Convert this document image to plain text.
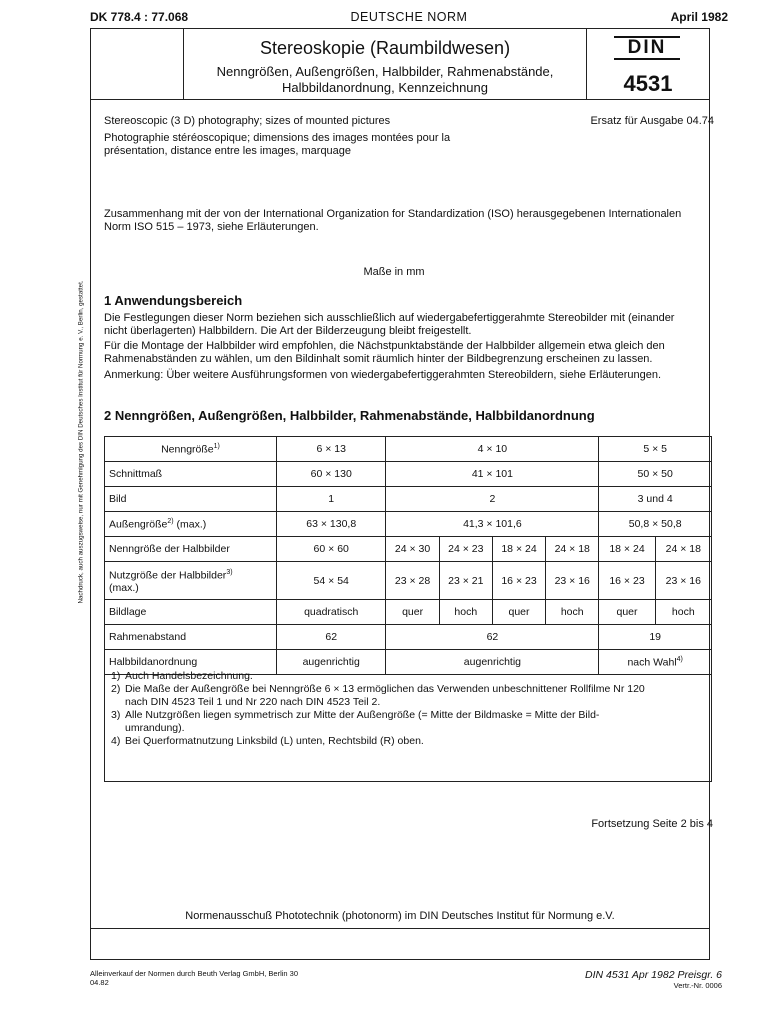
DK 778.4 : 77.068	DEUTSCHE NORM	April 1982
Stereoskopie (Raumbildwesen)
Nenngrößen, Außengrößen, Halbbilder, Rahmenabstände,
Halbbildanordnung, Kennzeichnung
DIN
4531
Stereoscopic (3 D) photography; sizes of mounted pictures
Photographie stéréoscopique; dimensions des images montées pour la
présentation, distance entre les images, marquage
Ersatz für Ausgabe 04.74
Zusammenhang mit der von der International Organization for Standardization (ISO) herausgegebenen Internationalen
Norm ISO 515 – 1973, siehe Erläuterungen.
Maße in mm
Nachdruck, auch auszugsweise, nur mit Genehmigung des DIN Deutsches Institut für Normung e. V., Berlin, gestattet. 1 Anwendungsbereich
Die Festlegungen dieser Norm beziehen sich ausschließlich auf wiedergabefertiggerahmte Stereobilder mit (einander
nicht überlagerten) Halbbildern. Die Art der Bilderzeugung bleibt freigestellt.
Für die Montage der Halbbilder wird empfohlen, die Nächstpunktabstände der Halbbilder allgemein etwa gleich den
Rahmenabständen zu wählen, um den Bildinhalt somit räumlich hinter der Bildbegrenzung erscheinen zu lassen.
Anmerkung: Über weitere Ausführungsformen von wiedergabefertiggerahmten Stereobildern, siehe Erläuterungen.
2 Nenngrößen, Außengrößen, Halbbilder, Rahmenabstände, Halbbildanordnung
Nenngröße$^{1)}$	6 × 13	4 × 10				5 × 5	
Schnittmaß	60 × 130	41 × 101				50 × 50	
Bild	1	2				3 und 4	
Außengröße$^{2)}$ (max.)	63 × 130,8	41,3 × 101,6				50,8 × 50,8	
Nenngröße der Halbbilder	60 × 60	24 × 30	24 × 23	18 × 24	24 × 18	18 × 24	24 × 18
Nutzgröße der Halbbilder$^{3)}$
(max.)	54 × 54	23 × 28	23 × 21	16 × 23	23 × 16	16 × 23	23 × 16
Bildlage	quadratisch	quer	hoch	quer	hoch	quer	hoch
Rahmenabstand	62	62				19	
Halbbildanordnung	augenrichtig	augenrichtig				nach Wahl$^{4)}$
1) Auch Handelsbezeichnung.
2) Die Maße der Außengröße bei Nenngröße 6 × 13 ermöglichen das Verwenden unbeschnittener Rollfilme Nr 120
nach DIN 4523 Teil 1 und Nr 220 nach DIN 4523 Teil 2.
3) Alle Nutzgrößen liegen symmetrisch zur Mitte der Außengröße (= Mitte der Bildmaske = Mitte der Bild-
umrandung).
4) Bei Querformatnutzung Linksbild (L) unten, Rechtsbild (R) oben.
Fortsetzung Seite 2 bis 4
Normenausschuß Phototechnik (photonorm) im DIN Deutsches Institut für Normung e.V.
Alleinverkauf der Normen durch Beuth Verlag GmbH, Berlin 30
04.82
DIN 4531 Apr 1982 Preisgr. 6
Vertr.-Nr. 0006
